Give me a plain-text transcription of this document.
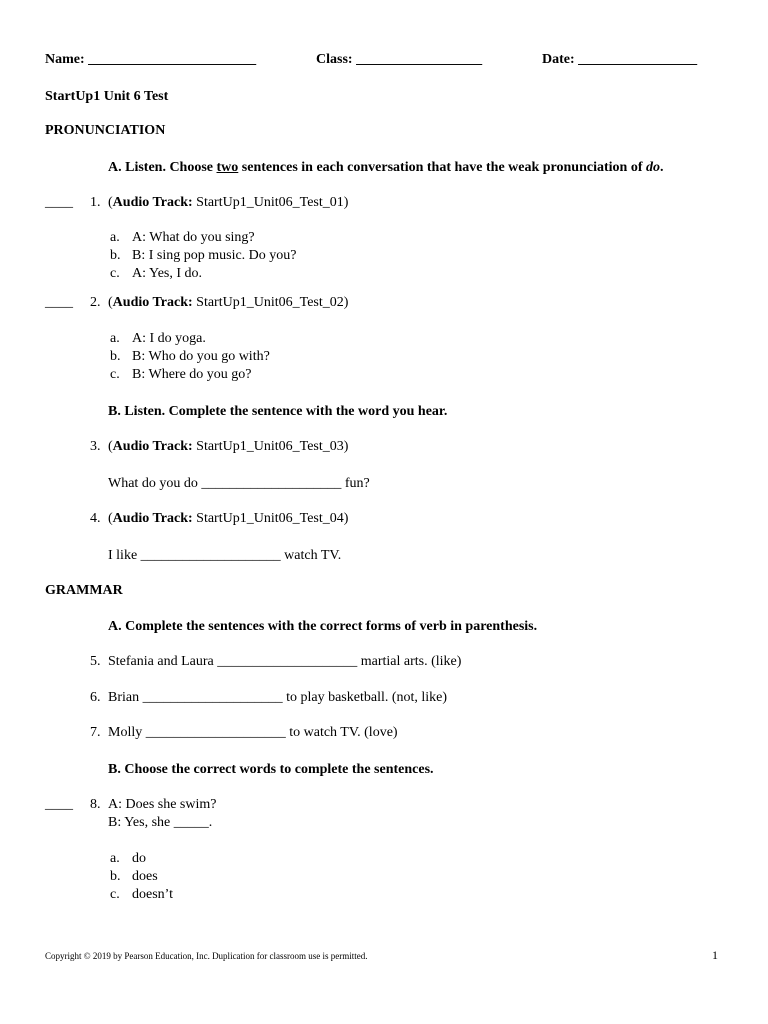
Name: ________________________	Class: __________________	Date: _________________
StartUp1 Unit 6 Test
PRONUNCIATION
A. Listen. Choose two sentences in each conversation that have the weak pronunciation of do.
____ 1. (Audio Track: StartUp1_Unit06_Test_01)
a. A: What do you sing?
b. B: I sing pop music. Do you?
c. A: Yes, I do.
____ 2. (Audio Track: StartUp1_Unit06_Test_02)
a. A: I do yoga.
b. B: Who do you go with?
c. B: Where do you go?
B. Listen. Complete the sentence with the word you hear.
3. (Audio Track: StartUp1_Unit06_Test_03)
What do you do ____________________ fun?
4. (Audio Track: StartUp1_Unit06_Test_04)
I like ____________________ watch TV.
GRAMMAR
A. Complete the sentences with the correct forms of verb in parenthesis.
5. Stefania and Laura ____________________ martial arts. (like)
6. Brian ____________________ to play basketball. (not, like)
7. Molly ____________________ to watch TV. (love)
B. Choose the correct words to complete the sentences.
____ 8. A: Does she swim?
B: Yes, she _____.
a. do
b. does
c. doesn’t
Copyright © 2019 by Pearson Education, Inc. Duplication for classroom use is permitted.	1
